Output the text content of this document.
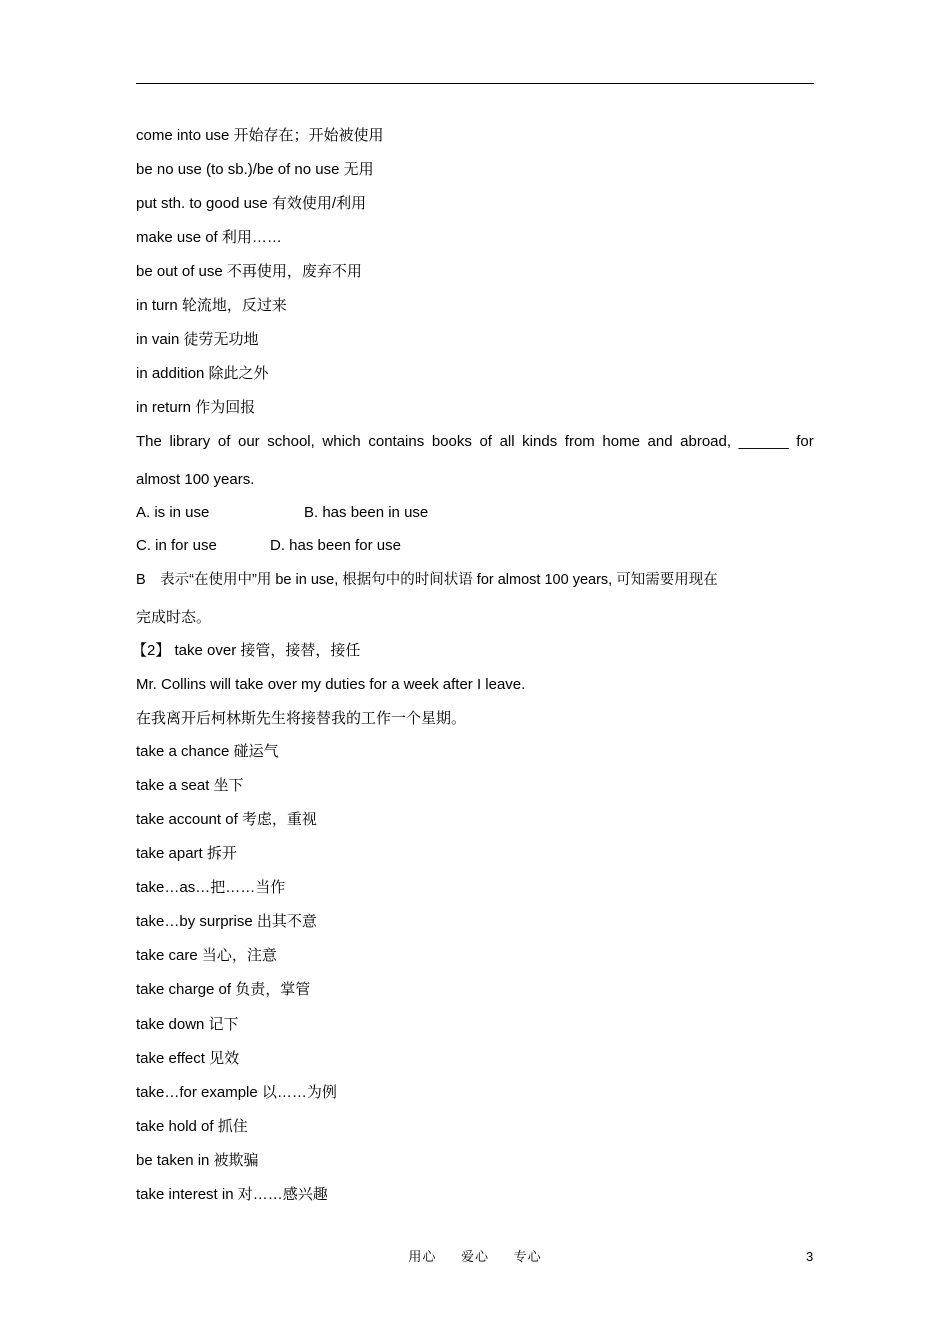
come into use 开始存在；开始被使用
be no use (to sb.)/be of no use 无用
put sth. to good use 有效使用/利用
make use of 利用……
be out of use 不再使用，废弃不用
in turn 轮流地，反过来
in vain 徒劳无功地
in addition 除此之外
in return 作为回报
The library of our school, which contains books of all kinds from home and abroad, ______ for
almost 100 years.
A. is in use	B. has been in use
C. in for use	D. has been for use
B　表示“在使用中”用 be in use, 根据句中的时间状语 for almost 100 years, 可知需要用现在
完成时态。
【2】 take over 接管，接替，接任
Mr. Collins will take over my duties for a week after I leave.
在我离开后柯林斯先生将接替我的工作一个星期。
take a chance 碰运气
take a seat 坐下
take account of 考虑，重视
take apart 拆开
take…as…把……当作
take…by surprise 出其不意
take care 当心，注意
take charge of 负责，掌管
take down 记下
take effect 见效
take…for example 以……为例
take hold of 抓住
be taken in 被欺骗
take interest in 对……感兴趣
用心 爱心 专心	3
